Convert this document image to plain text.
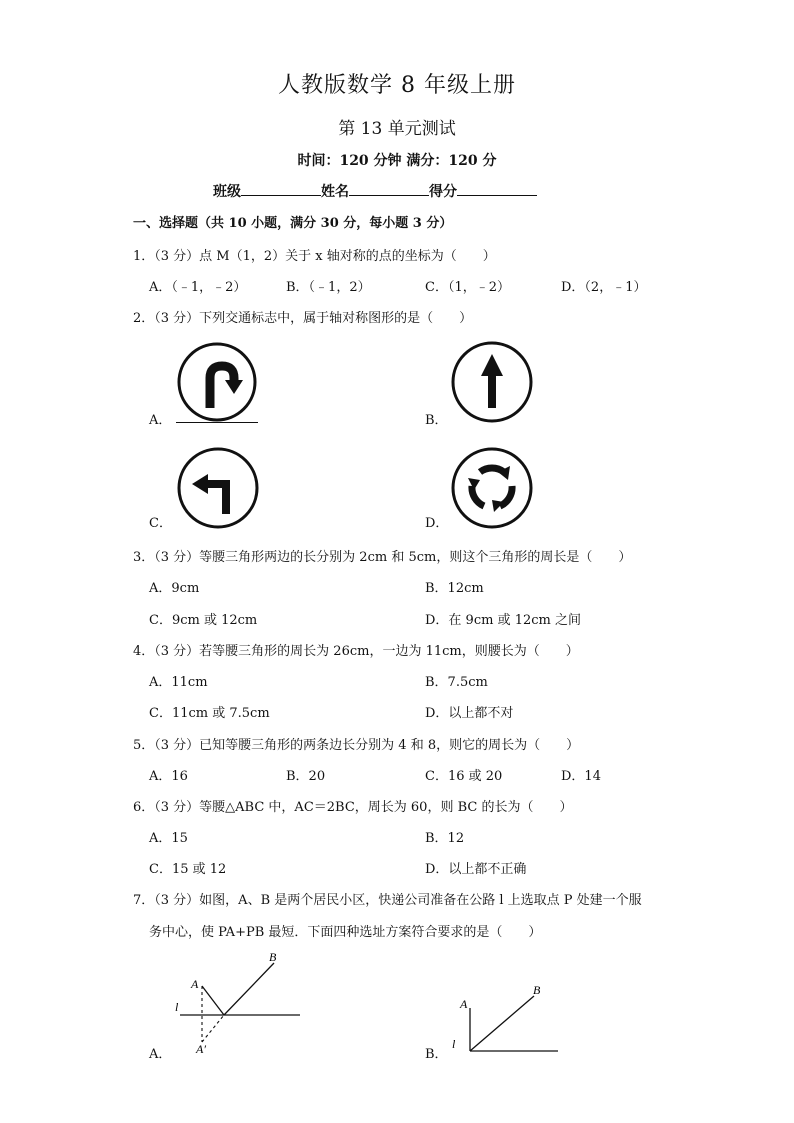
人教版数学 8 年级上册
第 13 单元测试
时间：120 分钟 满分：120 分
班级	姓名	得分
一、选择题（共 10 小题，满分 30 分，每小题 3 分）
1．（3 分）点 M（1，2）关于 x 轴对称的点的坐标为（　　）
A．（﹣1，﹣2）	B．（﹣1，2）	C．（1，﹣2）	D．（2，﹣1）
2．（3 分）下列交通标志中，属于轴对称图形的是（　　）
A．	B．
C．	D．
3．（3 分）等腰三角形两边的长分别为 2cm 和 5cm，则这个三角形的周长是（　　）
A．9cm	B．12cm
C．9cm 或 12cm	D．在 9cm 或 12cm 之间
4．（3 分）若等腰三角形的周长为 26cm，一边为 11cm，则腰长为（　　）
A．11cm	B．7.5cm
C．11cm 或 7.5cm	D．以上都不对
5．（3 分）已知等腰三角形的两条边长分别为 4 和 8，则它的周长为（　　）
A．16	B．20	C．16 或 20	D．14
6．（3 分）等腰△ABC 中，AC＝2BC，周长为 60，则 BC 的长为（　　）
A．15	B．12
C．15 或 12	D．以上都不正确
7．（3 分）如图，A、B 是两个居民小区，快递公司准备在公路 l 上选取点 P 处建一个服
务中心，使 PA+PB 最短．下面四种选址方案符合要求的是（　　）
A
B
l
A′
A．
A
B
l
B．
